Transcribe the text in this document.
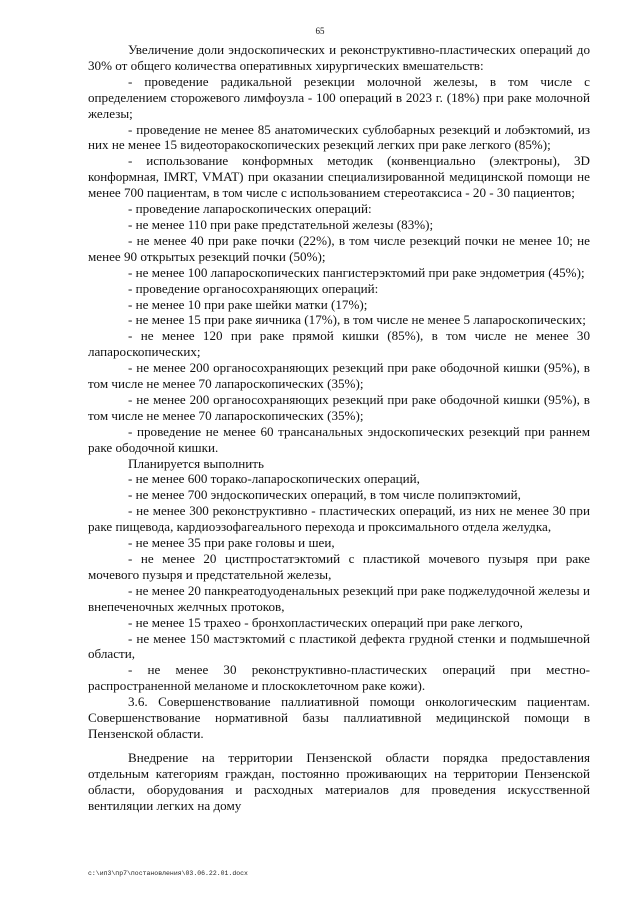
65

Увеличение доли эндоскопических и реконструктивно-пластических операций до 30% от общего количества оперативных хирургических вмешательств:

- проведение радикальной резекции молочной железы, в том числе с определением сторожевого лимфоузла - 100 операций в 2023 г. (18%) при раке молочной железы;

- проведение не менее 85 анатомических сублобарных резекций и лобэктомий, из них не менее 15 видеоторакоскопических резекций легких при раке легкого (85%);

- использование конформных методик (конвенциально (электроны), 3D конформная, IMRT, VMAT) при оказании специализированной медицинской помощи не менее 700 пациентам, в том числе с использованием стереотаксиса - 20 - 30 пациентов;

- проведение лапароскопических операций:

- не менее 110 при раке предстательной железы (83%);

- не менее 40 при раке почки (22%), в том числе резекций почки не менее 10; не менее 90 открытых резекций почки (50%);

- не менее 100 лапароскопических пангистерэктомий при раке эндометрия (45%);

- проведение органосохраняющих операций:

- не менее 10 при раке шейки матки (17%);

- не менее 15 при раке яичника (17%), в том числе не менее 5 лапароскопических;

- не менее 120 при раке прямой кишки (85%), в том числе не менее 30 лапароскопических;

- не менее 200 органосохраняющих резекций при раке ободочной кишки (95%), в том числе не менее 70 лапароскопических (35%);

- не менее 200 органосохраняющих резекций при раке ободочной кишки (95%), в том числе не менее 70 лапароскопических (35%);

- проведение не менее 60 трансанальных эндоскопических резекций при раннем раке ободочной кишки.

Планируется выполнить

- не менее 600 торако-лапароскопических операций,

- не менее 700 эндоскопических операций, в том числе полипэктомий,

- не менее 300 реконструктивно - пластических операций, из них не менее 30 при раке пищевода, кардиоэзофагеального перехода и проксимального отдела желудка,

- не менее 35 при раке головы и шеи,

- не менее 20 цистпростатэктомий с пластикой мочевого пузыря при раке мочевого пузыря и предстательной железы,

- не менее 20 панкреатодуоденальных резекций при раке поджелудочной железы и внепеченочных желчных протоков,

- не менее 15 трахео - бронхопластических операций при раке легкого,

- не менее 150 мастэктомий с пластикой дефекта грудной стенки и подмышечной области,

- не менее 30 реконструктивно-пластических операций при местно-распространенной меланоме и плоскоклеточном раке кожи).

3.6. Совершенствование паллиативной помощи онкологическим пациентам. Совершенствование нормативной базы паллиативной медицинской помощи в Пензенской области.

Внедрение на территории Пензенской области порядка предоставления отдельным категориям граждан, постоянно проживающих на территории Пензенской области, оборудования и расходных материалов для проведения искусственной вентиляции легких на дому

c:\ип3\пр7\постановления\03.06.22.01.docx
